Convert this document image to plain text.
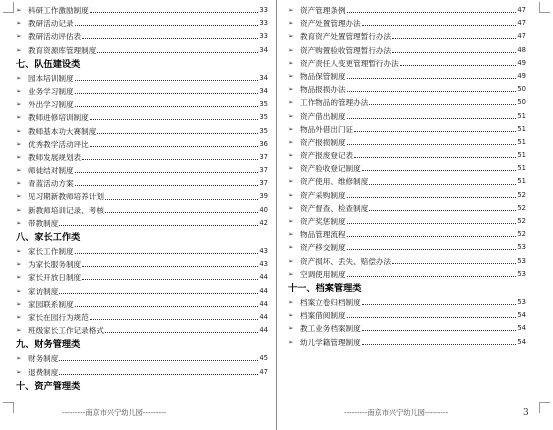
➢ 科研工作激励制度	33
➢ 教研活动记录	33
➢ 教研活动评估表	33
➢ 教育资源库管理制度	34
七、队伍建设类
➢ 园本培训制度	34
➢ 业务学习制度	34
➢ 外出学习制度	35
➢ 教师进修培训制度	35
➢ 教师基本功大赛制度	35
➢ 优秀教学活动评比	36
➢ 教师发展规划表	37
➢ 师徒结对制度	37
➢ 青蓝活动方案	37
➢ 见习期新教师培养计划	39
➢ 新教师培训记录、考核	40
➢ 带教制度	42
八、家长工作类
➢ 家长工作制度	43
➢ 为家长服务制度	43
➢ 家长开放日制度	44
➢ 家访制度	44
➢ 家园联系制度	44
➢ 家长在园行为规范	44
➢ 班级家长工作记录格式	44
九、财务管理类
➢ 财务制度	45
➢ 退费制度	47
十、资产管理类
➢ 资产管理条例	47
➢ 资产处置管理办法	47
➢ 教育资产处置管理暂行办法	47
➢ 资产购置验收管理暂行办法	48
➢ 资产责任人变更管理暂行办法	49
➢ 物品保管制度	49
➢ 物品报损办法	50
➢ 工作物品的管理办法	50
➢ 资产借出制度	51
➢ 物品外借出门证	51
➢ 资产报损制度	51
➢ 资产报废登记表	51
➢ 资产验收登记制度	51
➢ 资产使用、维修制度	51
➢ 资产采购制度	52
➢ 资产督查、检查制度	52
➢ 资产奖惩制度	52
➢ 物品管理流程	52
➢ 资产移交制度	53
➢ 资产损坏、丢失、赔偿办法	53
➢ 空调使用制度	53
十一、档案管理类
➢ 档案立卷归档制度	53
➢ 档案借阅制度	54
➢ 教工业务档案制度	54
➢ 幼儿学籍管理制度	54
---------南京市兴宁幼儿园---------	---------南京市兴宁幼儿园---------	3
